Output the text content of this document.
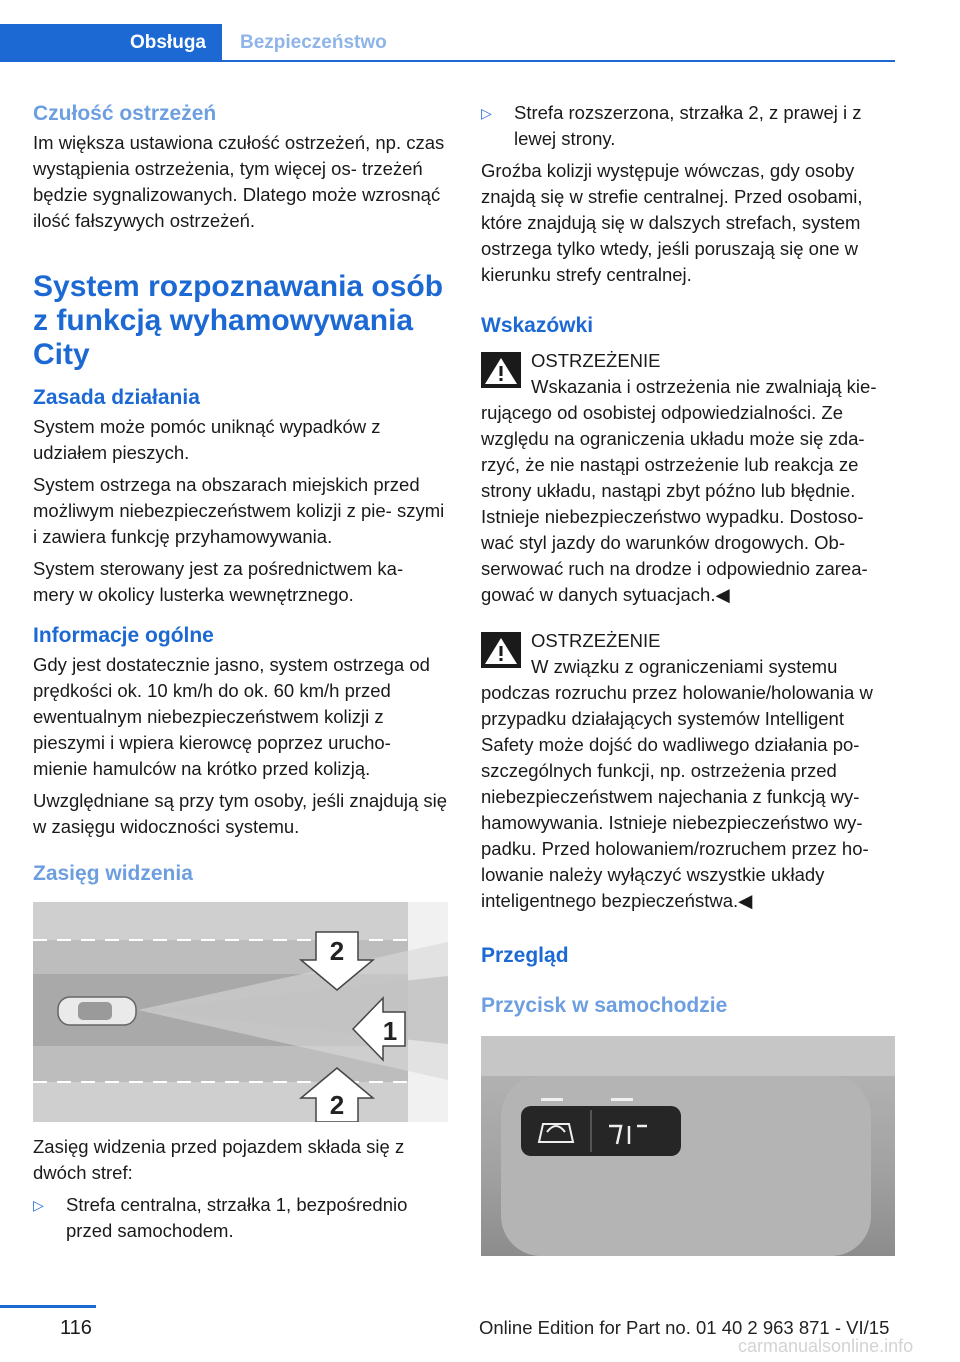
Obsługa	Bezpieczeństwo
Czułość ostrzeżeń

Im większa ustawiona czułość ostrzeżeń, np. czas wystąpienia ostrzeżenia, tym więcej os- trzeżeń będzie sygnalizowanych. Dlatego może wzrosnąć ilość fałszywych ostrzeżeń.

System rozpoznawania osób z funkcją wyhamowywania City
Zasada działania

System może pomóc uniknąć wypadków z udziałem pieszych.

System ostrzega na obszarach miejskich przed możliwym niebezpieczeństwem kolizji z pie- szymi i zawiera funkcję przyhamowywania.

System sterowany jest za pośrednictwem ka- mery w okolicy lusterka wewnętrznego.

Informacje ogólne

Gdy jest dostatecznie jasno, system ostrzega od prędkości ok. 10 km/h do ok. 60 km/h przed ewentualnym niebezpieczeństwem kolizji z pieszymi i wpiera kierowcę poprzez urucho- mienie hamulców na krótko przed kolizją.

Uwzględniane są przy tym osoby, jeśli znajdują się w zasięgu widoczności systemu.

Zasięg widzenia
2
1
2

Zasięg widzenia przed pojazdem składa się z dwóch stref:

▷ Strefa centralna, strzałka 1, bezpośrednio przed samochodem.
▷ Strefa rozszerzona, strzałka 2, z prawej i z lewej strony.

Groźba kolizji występuje wówczas, gdy osoby znajdą się w strefie centralnej. Przed osobami, które znajdują się w dalszych strefach, system ostrzega tylko wtedy, jeśli poruszają się one w kierunku strefy centralnej.

Wskazówki

OSTRZEŻENIE

Wskazania i ostrzeżenia nie zwalniają kie-

rującego od osobistej odpowiedzialności. Ze względu na ograniczenia układu może się zda- rzyć, że nie nastąpi ostrzeżenie lub reakcja ze strony układu, nastąpi zbyt późno lub błędnie. Istnieje niebezpieczeństwo wypadku. Dostoso- wać styl jazdy do warunków drogowych. Ob- serwować ruch na drodze i odpowiednio zarea- gować w danych sytuacjach.◀

OSTRZEŻENIE

W związku z ograniczeniami systemu

podczas rozruchu przez holowanie/holowania w przypadku działających systemów Intelligent Safety może dojść do wadliwego działania po- szczególnych funkcji, np. ostrzeżenia przed niebezpieczeństwem najechania z funkcją wy- hamowywania. Istnieje niebezpieczeństwo wy- padku. Przed holowaniem/rozruchem przez ho- lowanie należy wyłączyć wszystkie układy inteligentnego bezpieczeństwa.◀

Przegląd
Przycisk w samochodzie
116	Online Edition for Part no. 01 40 2 963 871 - VI/15
carmanualsonline.info
